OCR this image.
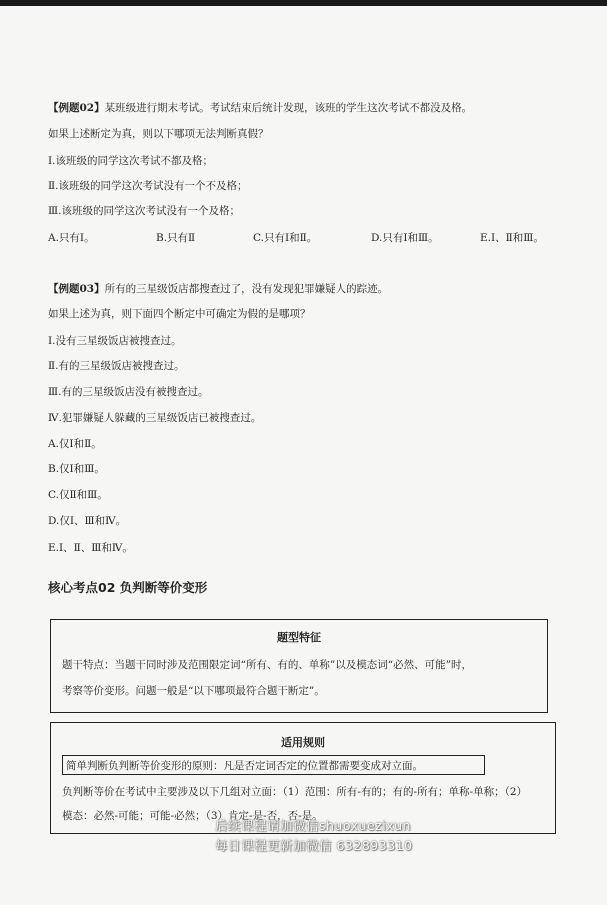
【例题02】某班级进行期末考试。考试结束后统计发现，该班的学生这次考试不都没及格。
如果上述断定为真，则以下哪项无法判断真假？
Ⅰ.该班级的同学这次考试不都及格；
Ⅱ.该班级的同学这次考试没有一个不及格；
Ⅲ.该班级的同学这次考试没有一个及格；
A.只有Ⅰ。	B.只有Ⅱ	C.只有Ⅰ和Ⅱ。	D.只有Ⅰ和Ⅲ。	E.Ⅰ、Ⅱ和Ⅲ。
【例题03】所有的三星级饭店都搜查过了，没有发现犯罪嫌疑人的踪迹。
如果上述为真，则下面四个断定中可确定为假的是哪项？
Ⅰ.没有三星级饭店被搜查过。
Ⅱ.有的三星级饭店被搜查过。
Ⅲ.有的三星级饭店没有被搜查过。
Ⅳ.犯罪嫌疑人躲藏的三星级饭店已被搜查过。
A.仅Ⅰ和Ⅱ。
B.仅Ⅰ和Ⅲ。
C.仅Ⅱ和Ⅲ。
D.仅Ⅰ、Ⅲ和Ⅳ。
E.Ⅰ、Ⅱ、Ⅲ和Ⅳ。
核心考点02 负判断等价变形
题型特征
题干特点：当题干同时涉及范围限定词“所有、有的、单称”以及模态词“必然、可能”时，
考察等价变形。问题一般是“以下哪项最符合题干断定”。
适用规则
简单判断负判断等价变形的原则：凡是否定词否定的位置都需要变成对立面。
负判断等价在考试中主要涉及以下几组对立面：（1）范围：所有-有的；有的-所有；单称-单称；（2）
模态：必然-可能；可能-必然；（3）肯定-是-否，否-是。
后续课程请加微信shuoxuezixun
每日课程更新加微信 632893310
